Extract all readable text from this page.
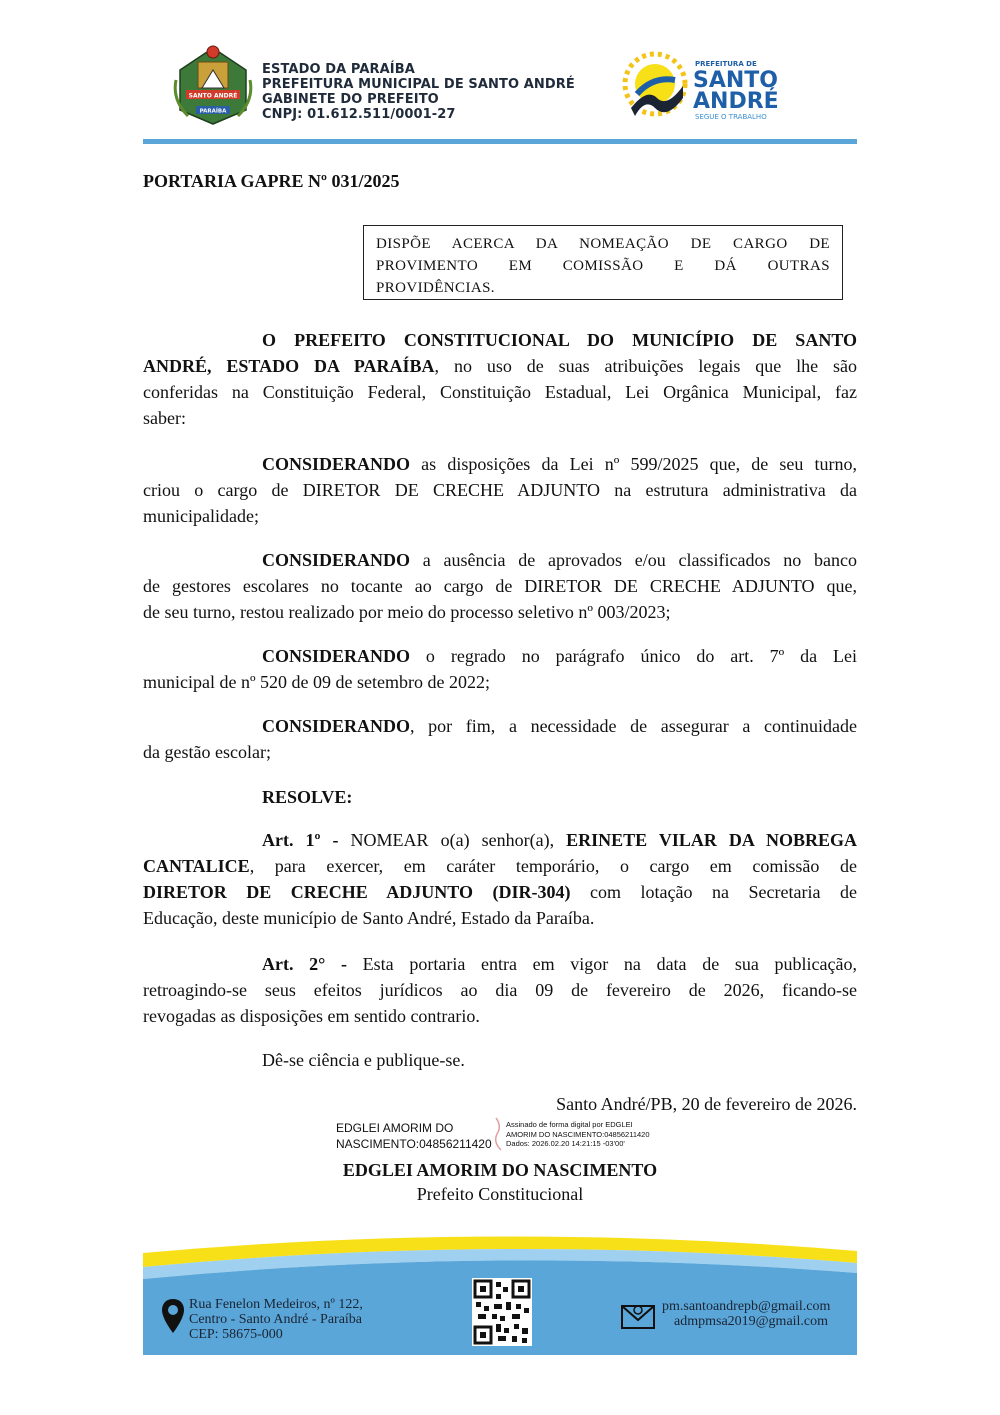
SANTO ANDRÉ
PARAÍBA
ESTADO DA PARAÍBA
PREFEITURA MUNICIPAL DE SANTO ANDRÉ
GABINETE DO PREFEITO
CNPJ: 01.612.511/0001-27
PREFEITURA DE
SANTO
ANDRÉ
SEGUE O TRABALHO
PORTARIA GAPRE Nº 031/2025
DISPÕE ACERCA DA NOMEAÇÃO DE CARGO DE
PROVIMENTO EM COMISSÃO E DÁ OUTRAS
PROVIDÊNCIAS.
O PREFEITO CONSTITUCIONAL DO MUNICÍPIO DE SANTO
ANDRÉ, ESTADO DA PARAÍBA, no uso de suas atribuições legais que lhe são
conferidas na Constituição Federal, Constituição Estadual, Lei Orgânica Municipal, faz
saber:
CONSIDERANDO as disposições da Lei nº 599/2025 que, de seu turno,
criou o cargo de DIRETOR DE CRECHE ADJUNTO na estrutura administrativa da
municipalidade;
CONSIDERANDO a ausência de aprovados e/ou classificados no banco
de gestores escolares no tocante ao cargo de DIRETOR DE CRECHE ADJUNTO que,
de seu turno, restou realizado por meio do processo seletivo nº 003/2023;
CONSIDERANDO o regrado no parágrafo único do art. 7º da Lei
municipal de nº 520 de 09 de setembro de 2022;
CONSIDERANDO, por fim, a necessidade de assegurar a continuidade
da gestão escolar;
RESOLVE:
Art. 1º - NOMEAR o(a) senhor(a), ERINETE VILAR DA NOBREGA
CANTALICE, para exercer, em caráter temporário, o cargo em comissão de
DIRETOR DE CRECHE ADJUNTO (DIR-304) com lotação na Secretaria de
Educação, deste município de Santo André, Estado da Paraíba.
Art. 2° - Esta portaria entra em vigor na data de sua publicação,
retroagindo-se seus efeitos jurídicos ao dia 09 de fevereiro de 2026, ficando-se
revogadas as disposições em sentido contrario.
Dê-se ciência e publique-se.
Santo André/PB, 20 de fevereiro de 2026.
EDGLEI AMORIM DO
NASCIMENTO:04856211420
Assinado de forma digital por EDGLEI
AMORIM DO NASCIMENTO:04856211420
Dados: 2026.02.20 14:21:15 -03'00'
EDGLEI AMORIM DO NASCIMENTO
Prefeito Constitucional
Rua Fenelon Medeiros, nº 122,
Centro - Santo André - Paraíba
CEP: 58675-000
pm.santoandrepb@gmail.com
admpmsa2019@gmail.com
